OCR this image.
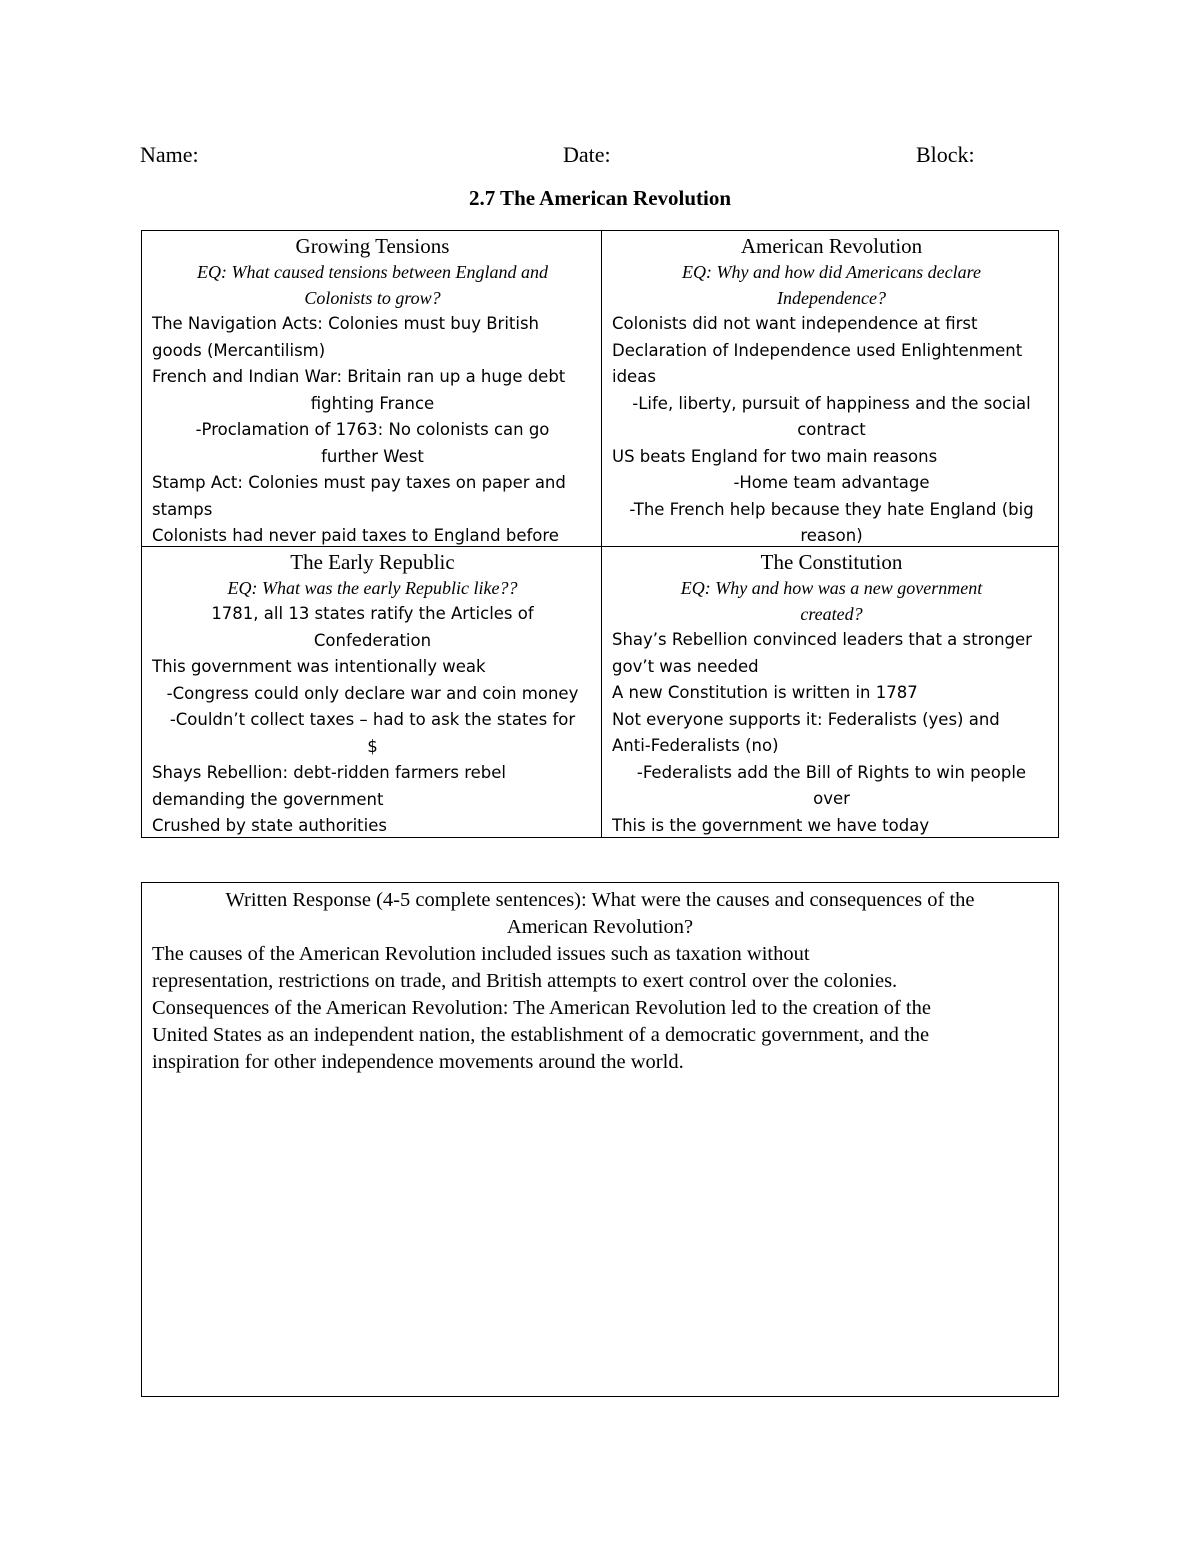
Name:	Date:	Block:
2.7 The American Revolution
Growing Tensions
EQ: What caused tensions between England and
Colonists to grow?
The Navigation Acts: Colonies must buy British
goods (Mercantilism)
French and Indian War: Britain ran up a huge debt
fighting France
-Proclamation of 1763: No colonists can go
further West
Stamp Act: Colonies must pay taxes on paper and
stamps
Colonists had never paid taxes to England before
American Revolution
EQ: Why and how did Americans declare
Independence?
Colonists did not want independence at first
Declaration of Independence used Enlightenment
ideas
-Life, liberty, pursuit of happiness and the social
contract
US beats England for two main reasons
-Home team advantage
-The French help because they hate England (big
reason)
The Early Republic
EQ: What was the early Republic like??
1781, all 13 states ratify the Articles of
Confederation
This government was intentionally weak
-Congress could only declare war and coin money
-Couldn’t collect taxes – had to ask the states for
$
Shays Rebellion: debt-ridden farmers rebel
demanding the government
Crushed by state authorities
The Constitution
EQ: Why and how was a new government
created?
Shay’s Rebellion convinced leaders that a stronger
gov’t was needed
A new Constitution is written in 1787
Not everyone supports it: Federalists (yes) and
Anti-Federalists (no)
-Federalists add the Bill of Rights to win people
over
This is the government we have today
Written Response (4-5 complete sentences): What were the causes and consequences of the
American Revolution?
The causes of the American Revolution included issues such as taxation without
representation, restrictions on trade, and British attempts to exert control over the colonies.
Consequences of the American Revolution: The American Revolution led to the creation of the
United States as an independent nation, the establishment of a democratic government, and the
inspiration for other independence movements around the world.
